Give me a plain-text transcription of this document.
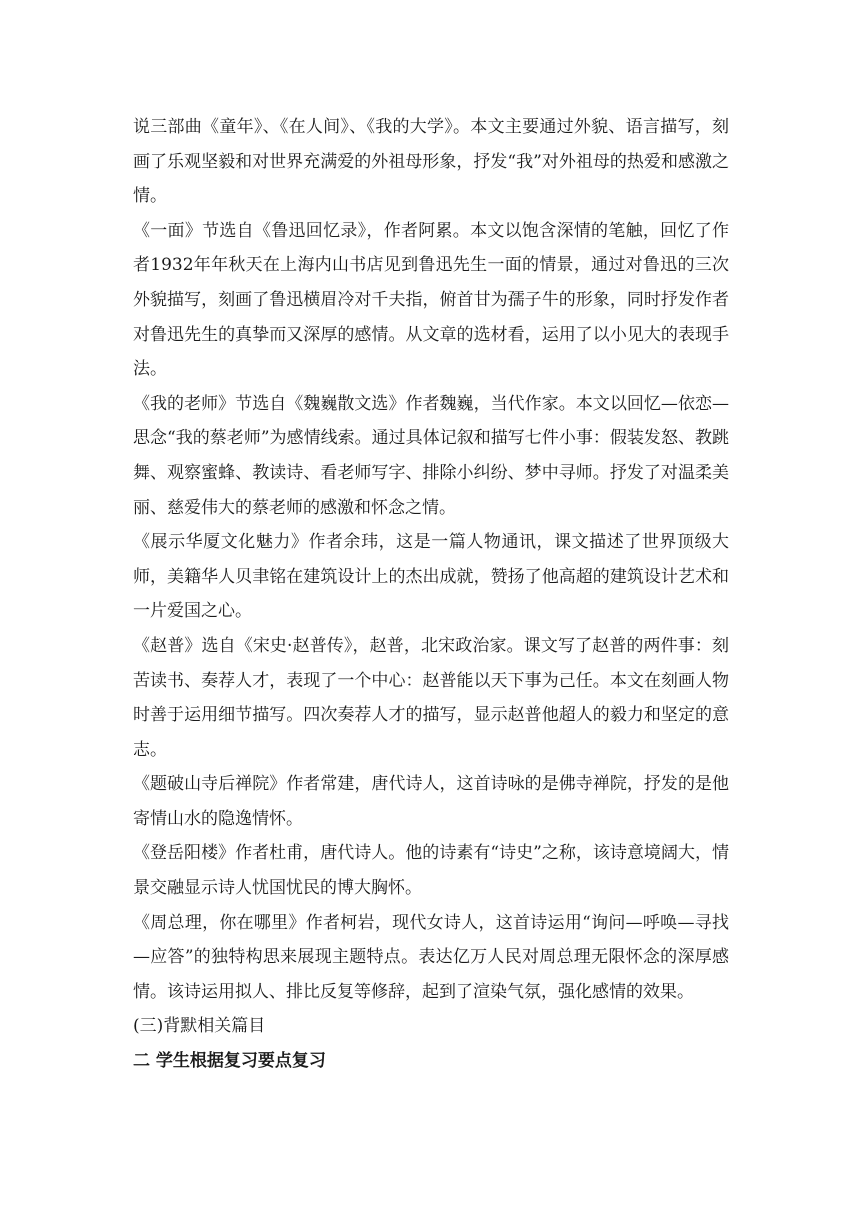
说三部曲《童年》、《在人间》、《我的大学》。本文主要通过外貌、语言描写，刻画了乐观坚毅和对世界充满爱的外祖母形象，抒发“我”对外祖母的热爱和感激之情。

《一面》节选自《鲁迅回忆录》，作者阿累。本文以饱含深情的笔触，回忆了作者1932年年秋天在上海内山书店见到鲁迅先生一面的情景，通过对鲁迅的三次外貌描写，刻画了鲁迅横眉冷对千夫指，俯首甘为孺子牛的形象，同时抒发作者对鲁迅先生的真挚而又深厚的感情。从文章的选材看，运用了以小见大的表现手法。

《我的老师》节选自《魏巍散文选》作者魏巍，当代作家。本文以回忆—依恋—思念“我的蔡老师”为感情线索。通过具体记叙和描写七件小事：假装发怒、教跳舞、观察蜜蜂、教读诗、看老师写字、排除小纠纷、梦中寻师。抒发了对温柔美丽、慈爱伟大的蔡老师的感激和怀念之情。

《展示华厦文化魅力》作者余玮，这是一篇人物通讯，课文描述了世界顶级大师，美籍华人贝聿铭在建筑设计上的杰出成就，赞扬了他高超的建筑设计艺术和一片爱国之心。

《赵普》选自《宋史·赵普传》，赵普，北宋政治家。课文写了赵普的两件事：刻苦读书、奏荐人才，表现了一个中心：赵普能以天下事为己任。本文在刻画人物时善于运用细节描写。四次奏荐人才的描写，显示赵普他超人的毅力和坚定的意志。

《题破山寺后禅院》作者常建，唐代诗人，这首诗咏的是佛寺禅院，抒发的是他寄情山水的隐逸情怀。

《登岳阳楼》作者杜甫，唐代诗人。他的诗素有“诗史”之称，该诗意境阔大，情景交融显示诗人忧国忧民的博大胸怀。

《周总理，你在哪里》作者柯岩，现代女诗人，这首诗运用“询问—呼唤—寻找—应答”的独特构思来展现主题特点。表达亿万人民对周总理无限怀念的深厚感情。该诗运用拟人、排比反复等修辞，起到了渲染气氛，强化感情的效果。

(三)背默相关篇目

二 学生根据复习要点复习
